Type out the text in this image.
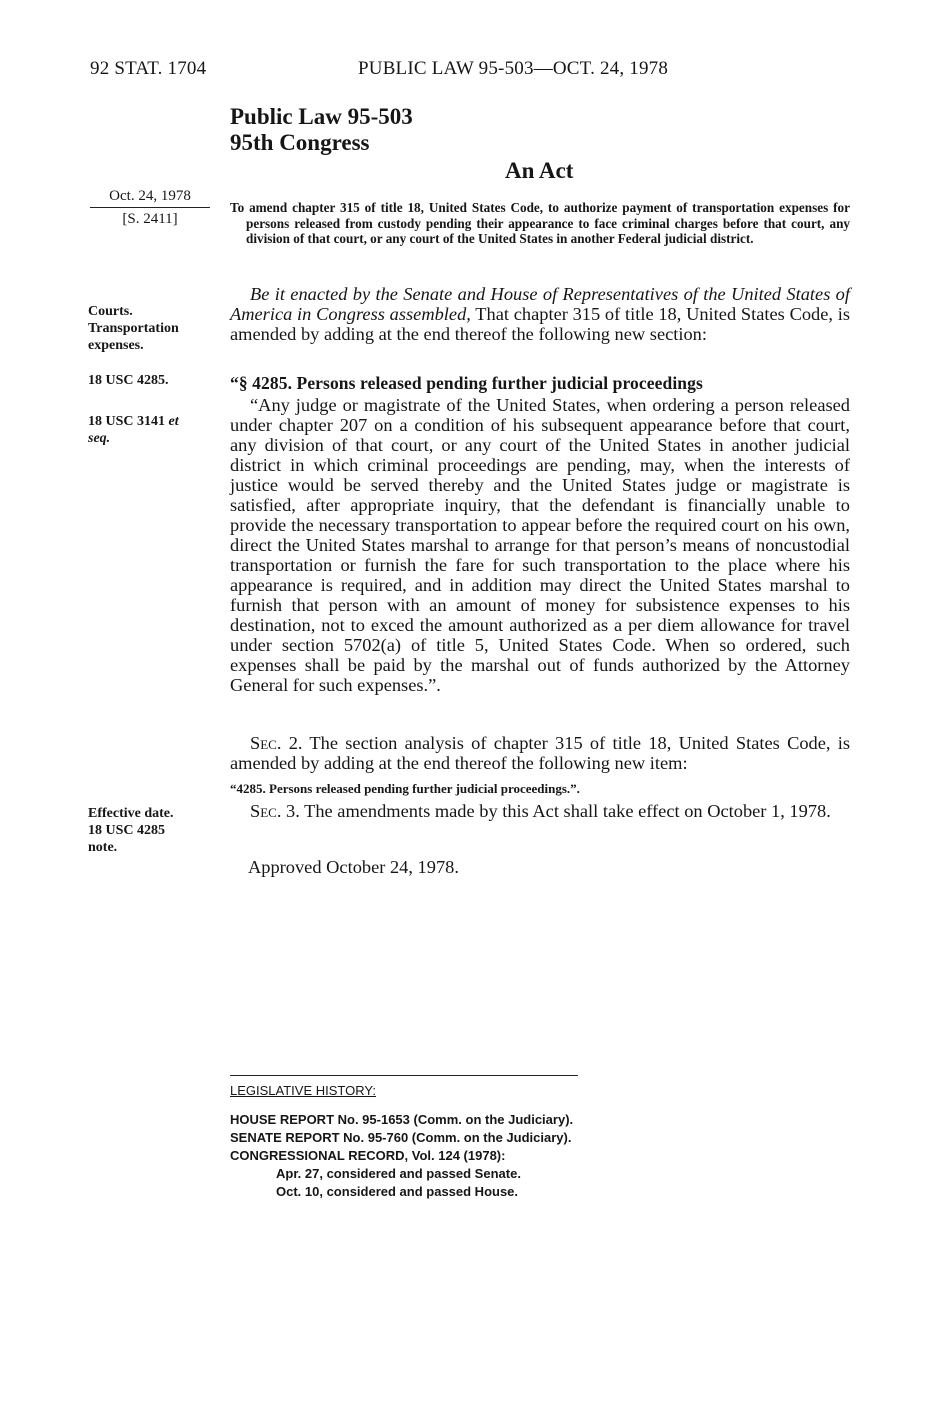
92 STAT. 1704	PUBLIC LAW 95-503—OCT. 24, 1978
Public Law 95-503
95th Congress
An Act
Oct. 24, 1978
[S. 2411]

To amend chapter 315 of title 18, United States Code, to authorize payment of transportation expenses for persons released from custody pending their appearance to face criminal charges before that court, any division of that court, or any court of the United States in another Federal judicial district.

Courts.
Transportation
expenses.
18 USC 4285.
18 USC 3141 et
seq.
Effective date.
18 USC 4285
note.

Be it enacted by the Senate and House of Representatives of the United States of America in Congress assembled, That chapter 315 of title 18, United States Code, is amended by adding at the end thereof the following new section:

“§ 4285. Persons released pending further judicial proceedings

“Any judge or magistrate of the United States, when ordering a person released under chapter 207 on a condition of his subsequent appearance before that court, any division of that court, or any court of the United States in another judicial district in which criminal proceedings are pending, may, when the interests of justice would be served thereby and the United States judge or magistrate is satisfied, after appropriate inquiry, that the defendant is financially unable to provide the necessary transportation to appear before the required court on his own, direct the United States marshal to arrange for that person’s means of noncustodial transportation or furnish the fare for such transportation to the place where his appearance is required, and in addition may direct the United States marshal to furnish that person with an amount of money for subsistence expenses to his destination, not to exced the amount authorized as a per diem allowance for travel under section 5702(a) of title 5, United States Code. When so ordered, such expenses shall be paid by the marshal out of funds authorized by the Attorney General for such expenses.”.

Sec. 2. The section analysis of chapter 315 of title 18, United States Code, is amended by adding at the end thereof the following new item:

“4285. Persons released pending further judicial proceedings.”.

Sec. 3. The amendments made by this Act shall take effect on October 1, 1978.

Approved October 24, 1978.
LEGISLATIVE HISTORY:
HOUSE REPORT No. 95-1653 (Comm. on the Judiciary).
SENATE REPORT No. 95-760 (Comm. on the Judiciary).
CONGRESSIONAL RECORD, Vol. 124 (1978):
Apr. 27, considered and passed Senate.
Oct. 10, considered and passed House.
